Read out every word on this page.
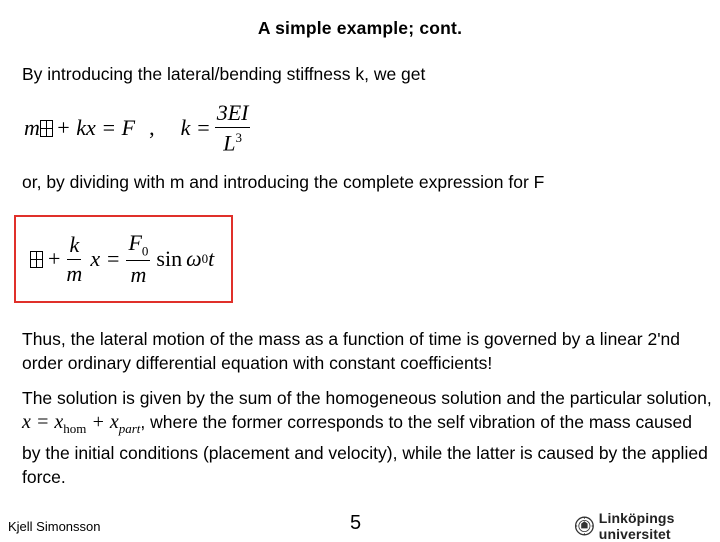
A simple example; cont.
By introducing the lateral/bending stiffness k, we get
m + kx = F , $k = \frac{3EI}{L^3}$
or, by dividing with m and introducing the complete expression for F
+ $\frac{k}{m}$ $x = \frac{F_0}{m}$ sin ω 0 t
Thus, the lateral motion of the mass as a function of time is governed by a linear 2'nd order ordinary differential equation with constant coefficients!
The solution is given by the sum of the homogeneous solution and the particular solution, $x = x_{hom} + x_{part}$, where the former corresponds to the self vibration of the mass caused by the initial conditions (placement and velocity), while the latter is caused by the applied force.
Kjell Simonsson	5	Linköpings universitet
